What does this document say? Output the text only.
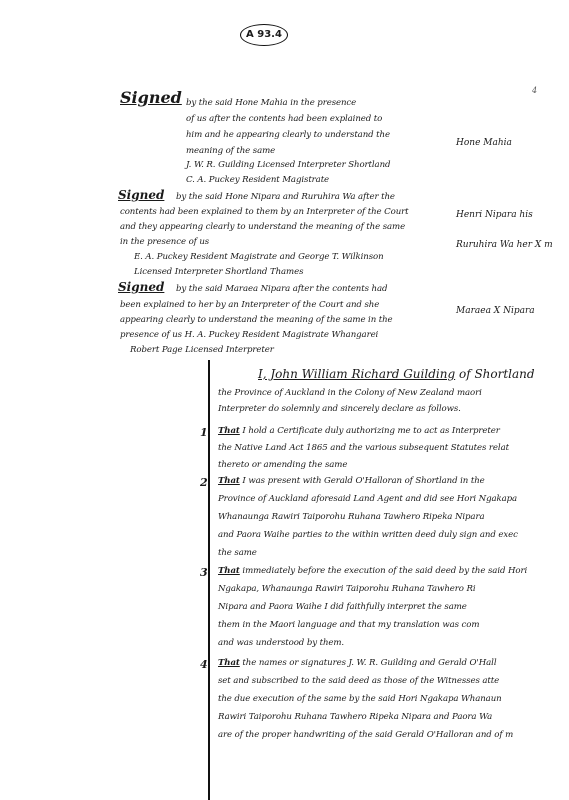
A 93.4
4
Signed by the said Hone Mahia in the presence
of us after the contents had been explained to
him and he appearing clearly to understand the
meaning of the same
J. W. R. Guilding Licensed Interpreter Shortland
C. A. Puckey Resident Magistrate
Hone Mahia
Signed by the said Hone Nipara and Ruruhira Wa after the
contents had been explained to them by an Interpreter of the Court
and they appearing clearly to understand the meaning of the same
in the presence of us
E. A. Puckey Resident Magistrate and George T. Wilkinson
Licensed Interpreter Shortland Thames
Henri Nipara his
Ruruhira Wa her X m
Signed by the said Maraea Nipara after the contents had
been explained to her by an Interpreter of the Court and she
appearing clearly to understand the meaning of the same in the
presence of us H. A. Puckey Resident Magistrate Whangarei
Robert Page Licensed Interpreter
Maraea X Nipara
I, John William Richard Guilding of Shortland
the Province of Auckland in the Colony of New Zealand maori
Interpreter do solemnly and sincerely declare as follows.
1 That I hold a Certificate duly authorizing me to act as Interpreter
the Native Land Act 1865 and the various subsequent Statutes relat
thereto or amending the same
2 That I was present with Gerald O'Halloran of Shortland in the
Province of Auckland aforesaid Land Agent and did see Hori Ngakapa
Whanaunga Rawiri Taiporohu Ruhana Tawhero Ripeka Nipara
and Paora Waihe parties to the within written deed duly sign and exec
the same
3 That immediately before the execution of the said deed by the said Hori
Ngakapa, Whanaunga Rawiri Taiporohu Ruhana Tawhero Ri
Nipara and Paora Waihe I did faithfully interpret the same
them in the Maori language and that my translation was com
and was understood by them.
4 That the names or signatures J. W. R. Guilding and Gerald O'Hall
set and subscribed to the said deed as those of the Witnesses atte
the due execution of the same by the said Hori Ngakapa Whanaun
Rawiri Taiporohu Ruhana Tawhero Ripeka Nipara and Paora Wa
are of the proper handwriting of the said Gerald O'Halloran and of m
